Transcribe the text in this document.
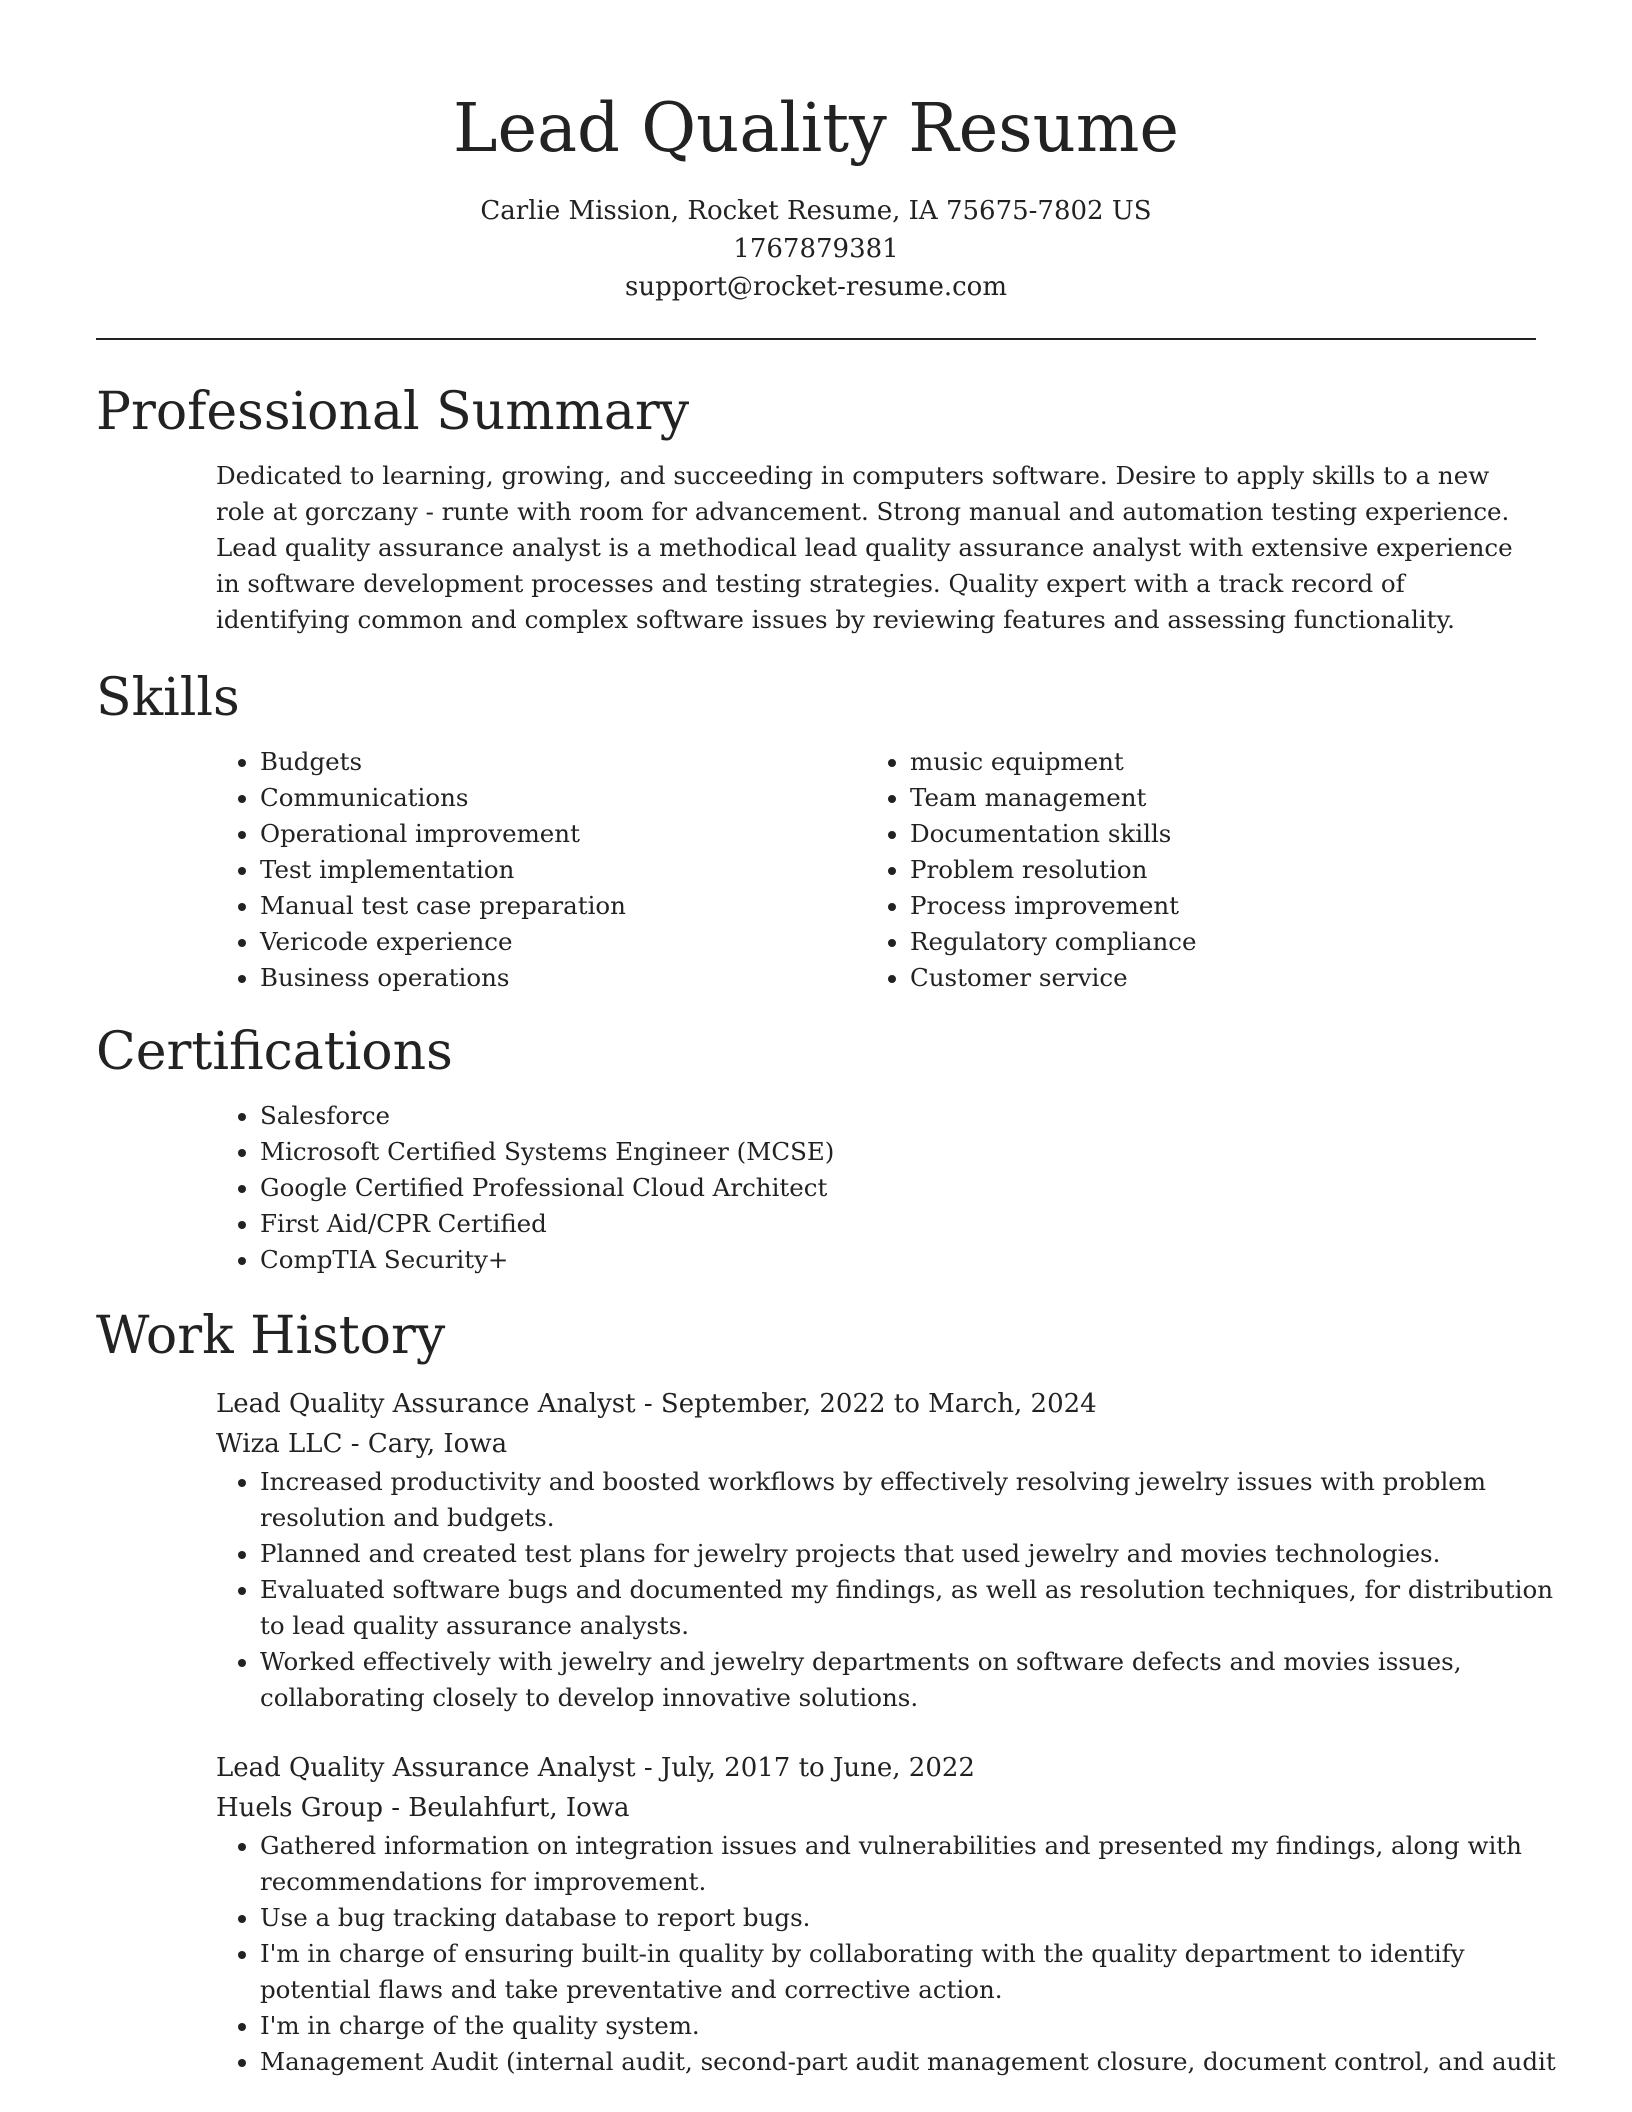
Lead Quality Resume
Carlie Mission, Rocket Resume, IA 75675-7802 US
1767879381
support@rocket-resume.com
Professional Summary

Dedicated to learning, growing, and succeeding in computers software. Desire to apply skills to a new role at gorczany - runte with room for advancement. Strong manual and automation testing experience. Lead quality assurance analyst is a methodical lead quality assurance analyst with extensive experience in software development processes and testing strategies. Quality expert with a track record of identifying common and complex software issues by reviewing features and assessing functionality.

Skills
• Budgets
• Communications
• Operational improvement
• Test implementation
• Manual test case preparation
• Vericode experience
• Business operations
• music equipment
• Team management
• Documentation skills
• Problem resolution
• Process improvement
• Regulatory compliance
• Customer service
Certifications
• Salesforce
• Microsoft Certified Systems Engineer (MCSE)
• Google Certified Professional Cloud Architect
• First Aid/CPR Certified
• CompTIA Security+
Work History
Lead Quality Assurance Analyst - September, 2022 to March, 2024
Wiza LLC - Cary, Iowa
• Increased productivity and boosted workflows by effectively resolving jewelry issues with problem resolution and budgets.
• Planned and created test plans for jewelry projects that used jewelry and movies technologies.
• Evaluated software bugs and documented my findings, as well as resolution techniques, for distribution to lead quality assurance analysts.
• Worked effectively with jewelry and jewelry departments on software defects and movies issues, collaborating closely to develop innovative solutions.
Lead Quality Assurance Analyst - July, 2017 to June, 2022
Huels Group - Beulahfurt, Iowa
• Gathered information on integration issues and vulnerabilities and presented my findings, along with recommendations for improvement.
• Use a bug tracking database to report bugs.
• I'm in charge of ensuring built-in quality by collaborating with the quality department to identify potential flaws and take preventative and corrective action.
• I'm in charge of the quality system.
• Management Audit (internal audit, second-part audit management closure, document control, and audit
